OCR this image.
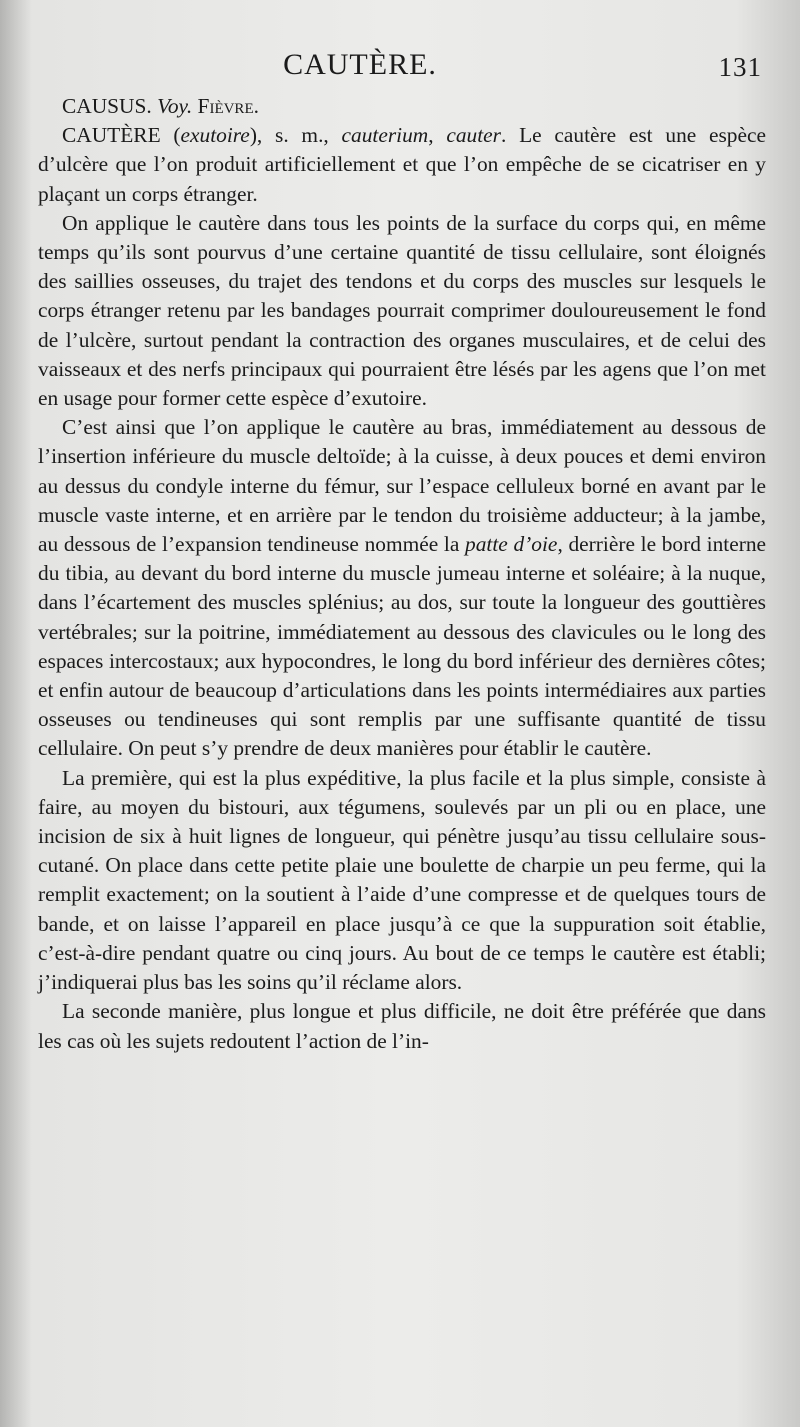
CAUTÈRE.	131

CAUSUS. Voy. Fièvre.

CAUTÈRE (exutoire), s. m., cauterium, cauter. Le cautère est une espèce d’ulcère que l’on produit artificiellement et que l’on empêche de se cicatriser en y plaçant un corps étranger.

On applique le cautère dans tous les points de la surface du corps qui, en même temps qu’ils sont pourvus d’une certaine quantité de tissu cellulaire, sont éloignés des saillies osseuses, du trajet des tendons et du corps des muscles sur lesquels le corps étranger retenu par les bandages pourrait comprimer douloureusement le fond de l’ulcère, surtout pendant la contraction des organes musculaires, et de celui des vaisseaux et des nerfs principaux qui pourraient être lésés par les agens que l’on met en usage pour former cette espèce d’exutoire.

C’est ainsi que l’on applique le cautère au bras, immédiatement au dessous de l’insertion inférieure du muscle deltoïde; à la cuisse, à deux pouces et demi environ au dessus du condyle interne du fémur, sur l’espace celluleux borné en avant par le muscle vaste interne, et en arrière par le tendon du troisième adducteur; à la jambe, au dessous de l’expansion tendineuse nommée la patte d’oie, derrière le bord interne du tibia, au devant du bord interne du muscle jumeau interne et soléaire; à la nuque, dans l’écartement des muscles splénius; au dos, sur toute la longueur des gouttières vertébrales; sur la poitrine, immédiatement au dessous des clavicules ou le long des espaces intercostaux; aux hypocondres, le long du bord inférieur des dernières côtes; et enfin autour de beaucoup d’articulations dans les points intermédiaires aux parties osseuses ou tendineuses qui sont remplis par une suffisante quantité de tissu cellulaire. On peut s’y prendre de deux manières pour établir le cautère.

La première, qui est la plus expéditive, la plus facile et la plus simple, consiste à faire, au moyen du bistouri, aux tégumens, soulevés par un pli ou en place, une incision de six à huit lignes de longueur, qui pénètre jusqu’au tissu cellulaire sous-cutané. On place dans cette petite plaie une boulette de charpie un peu ferme, qui la remplit exactement; on la soutient à l’aide d’une compresse et de quelques tours de bande, et on laisse l’appareil en place jusqu’à ce que la suppuration soit établie, c’est-à-dire pendant quatre ou cinq jours. Au bout de ce temps le cautère est établi; j’indiquerai plus bas les soins qu’il réclame alors.

La seconde manière, plus longue et plus difficile, ne doit être préférée que dans les cas où les sujets redoutent l’action de l’in-
